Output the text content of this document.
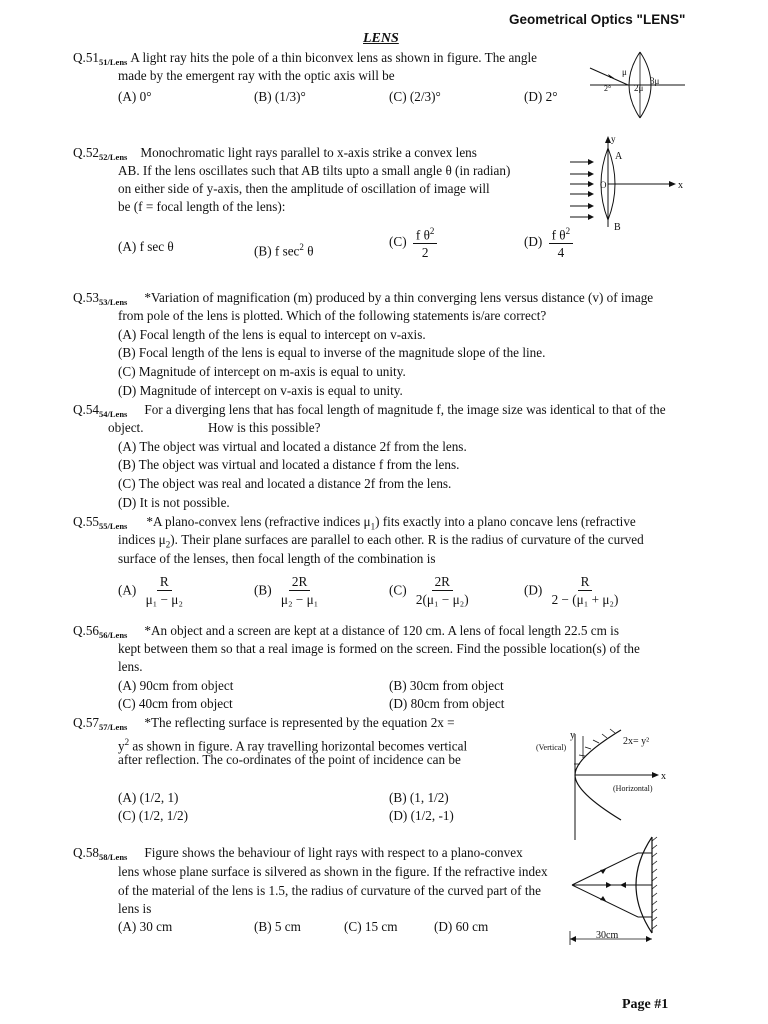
Geometrical Optics "LENS"
LENS
$Q.51_{51/Lens}$ A light ray hits the pole of a thin biconvex lens as shown in figure. The angle
made by the emergent ray with the optic axis will be
(A) 0°	(B) (1/3)°	(C) (2/3)°	(D) 2°
μ
2μ
3μ
2°
$Q.52_{52/Lens}$ Monochromatic light rays parallel to x-axis strike a convex lens
AB. If the lens oscillates such that AB tilts upto a small angle θ (in radian)
on either side of y-axis, then the amplitude of oscillation of image will
be (f = focal length of the lens):
(A) f sec θ	(B) f $\sec^2 \theta$
$(C) \frac{f \theta^2}{2}$	$(D) \frac{f \theta^2}{4}$
y
A
O	x
B
$Q.53_{53/Lens}$ *Variation of magnification (m) produced by a thin converging lens versus distance (v) of image
from pole of the lens is plotted. Which of the following statements is/are correct?
(A) Focal length of the lens is equal to intercept on v-axis.
(B) Focal length of the lens is equal to inverse of the magnitude slope of the line.
(C) Magnitude of intercept on m-axis is equal to unity.
(D) Magnitude of intercept on v-axis is equal to unity.
$Q.54_{54/Lens}$ For a diverging lens that has focal length of magnitude f, the image size was identical to that of the
object.	How is this possible?
(A) The object was virtual and located a distance 2f from the lens.
(B) The object was virtual and located a distance f from the lens.
(C) The object was real and located a distance 2f from the lens.
(D) It is not possible.
$Q.55_{55/Lens}$ *A plano-convex lens (refractive indices $\mu_1$) fits exactly into a plano concave lens (refractive
indices $\mu_2$). Their plane surfaces are parallel to each other. R is the radius of curvature of the curved
surface of the lenses, then focal length of the combination is
$(A) \frac{R}{\text{μ₁ − μ₂}}$	$(B) \frac{2R}{\text{μ₂ − μ₁}}$	$(C) \frac{2R}{\text{2(μ₁ − μ₂)}}$	$(D) \frac{R}{\text{2 − (μ₁ + μ₂)}}$
$Q.56_{56/Lens}$ *An object and a screen are kept at a distance of 120 cm. A lens of focal length 22.5 cm is
kept between them so that a real image is formed on the screen. Find the possible location(s) of the
lens.
(A) 90cm from object	(B) 30cm from object
(C) 40cm from object	(D) 80cm from object
$Q.57_{57/Lens}$ *The reflecting surface is represented by the equation 2x =
$y^2$ as shown in figure. A ray travelling horizontal becomes vertical
after reflection. The co-ordinates of the point of incidence can be
(A) (1/2, 1)	(B) (1, 1/2)
(C) (1/2, 1/2)	(D) (1/2, -1)
y
2x= y²
(Vertical)
(Horizontal)
x
$Q.58_{58/Lens}$ Figure shows the behaviour of light rays with respect to a plano-convex
lens whose plane surface is silvered as shown in the figure. If the refractive index
of the material of the lens is 1.5, the radius of curvature of the curved part of the
lens is
(A) 30 cm	(B) 5 cm	(C) 15 cm	(D) 60 cm
30cm
Page #1
